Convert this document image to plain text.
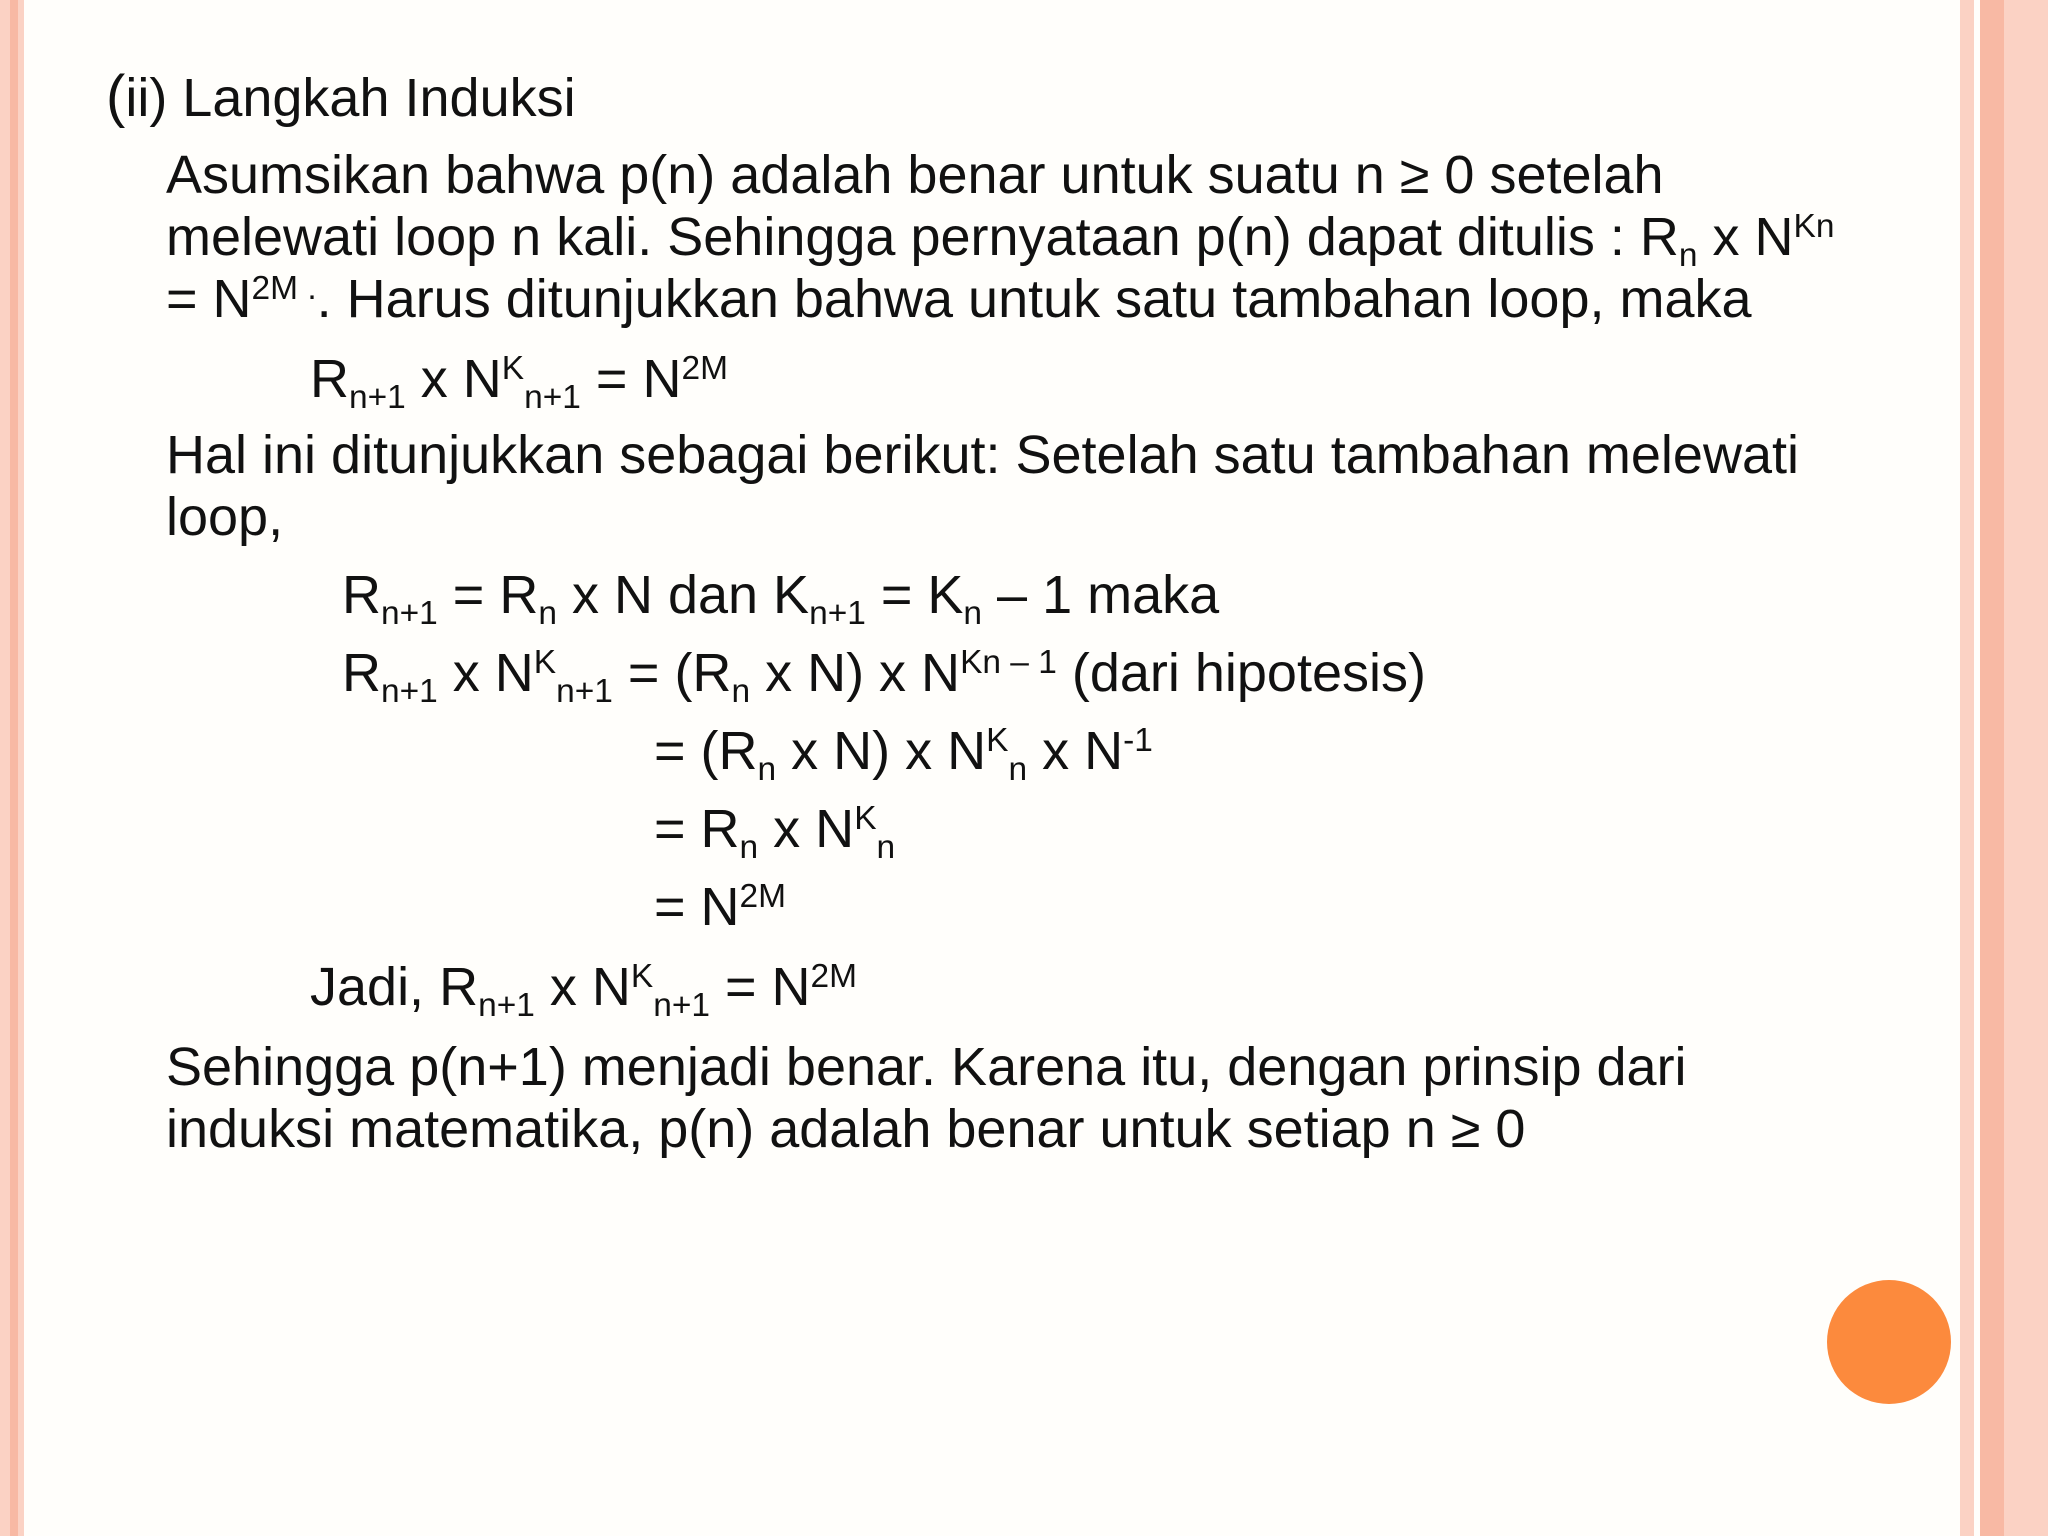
(ii) Langkah Induksi
Asumsikan bahwa p(n) adalah benar untuk suatu n ≥ 0 setelah
melewati loop n kali. Sehingga pernyataan p(n) dapat ditulis : $R_n$ x $N^{Kn}$
= $N^{2M}$ .. Harus ditunjukkan bahwa untuk satu tambahan loop, maka
$R_{n+1}$ x $N^K_{n+1} = N^{2M}$
Hal ini ditunjukkan sebagai berikut: Setelah satu tambahan melewati
loop,
$R_{n+1} = R_n$ x N dan $K_{n+1} = K_n - 1$ maka
$R_{n+1}$ x $N^K_{n+1} = (R_n$ x N) x $N^{Kn - 1}$ (dari hipotesis)
= ($R_n$ x N) x $N^K_n$ x $N^{-1}$
= $R_n$ x $N^K_n$
= $N^{2M}$
Jadi, $R_{n+1}$ x $N^K_{n+1} = N^{2M}$
Sehingga p(n+1) menjadi benar. Karena itu, dengan prinsip dari
induksi matematika, p(n) adalah benar untuk setiap n ≥ 0
